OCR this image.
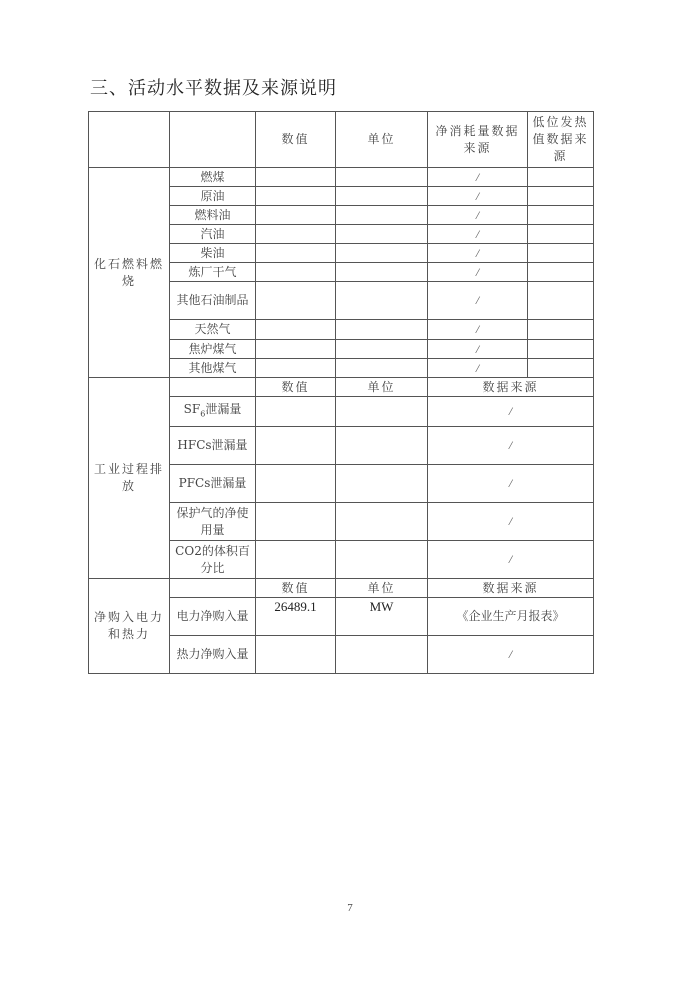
三、活动水平数据及来源说明
		数值	单位	净消耗量数据来源	低位发热值数据来源
化石燃料燃烧	燃煤			/	
	原油			/	
	燃料油			/	
	汽油			/	
	柴油			/	
	炼厂干气			/	
	其他石油制品			/	
	天然气			/	
	焦炉煤气			/	
	其他煤气			/	
工业过程排放		数值	单位	数据来源	
	$SF_6$泄漏量			/	
	HFCs泄漏量			/	
	PFCs泄漏量			/	
	保护气的净使用量			/	
	CO2的体积百分比			/	
净购入电力和热力		数值	单位	数据来源	
	电力净购入量	26489.1	MW	《企业生产月报表》	
	热力净购入量			/	
7
